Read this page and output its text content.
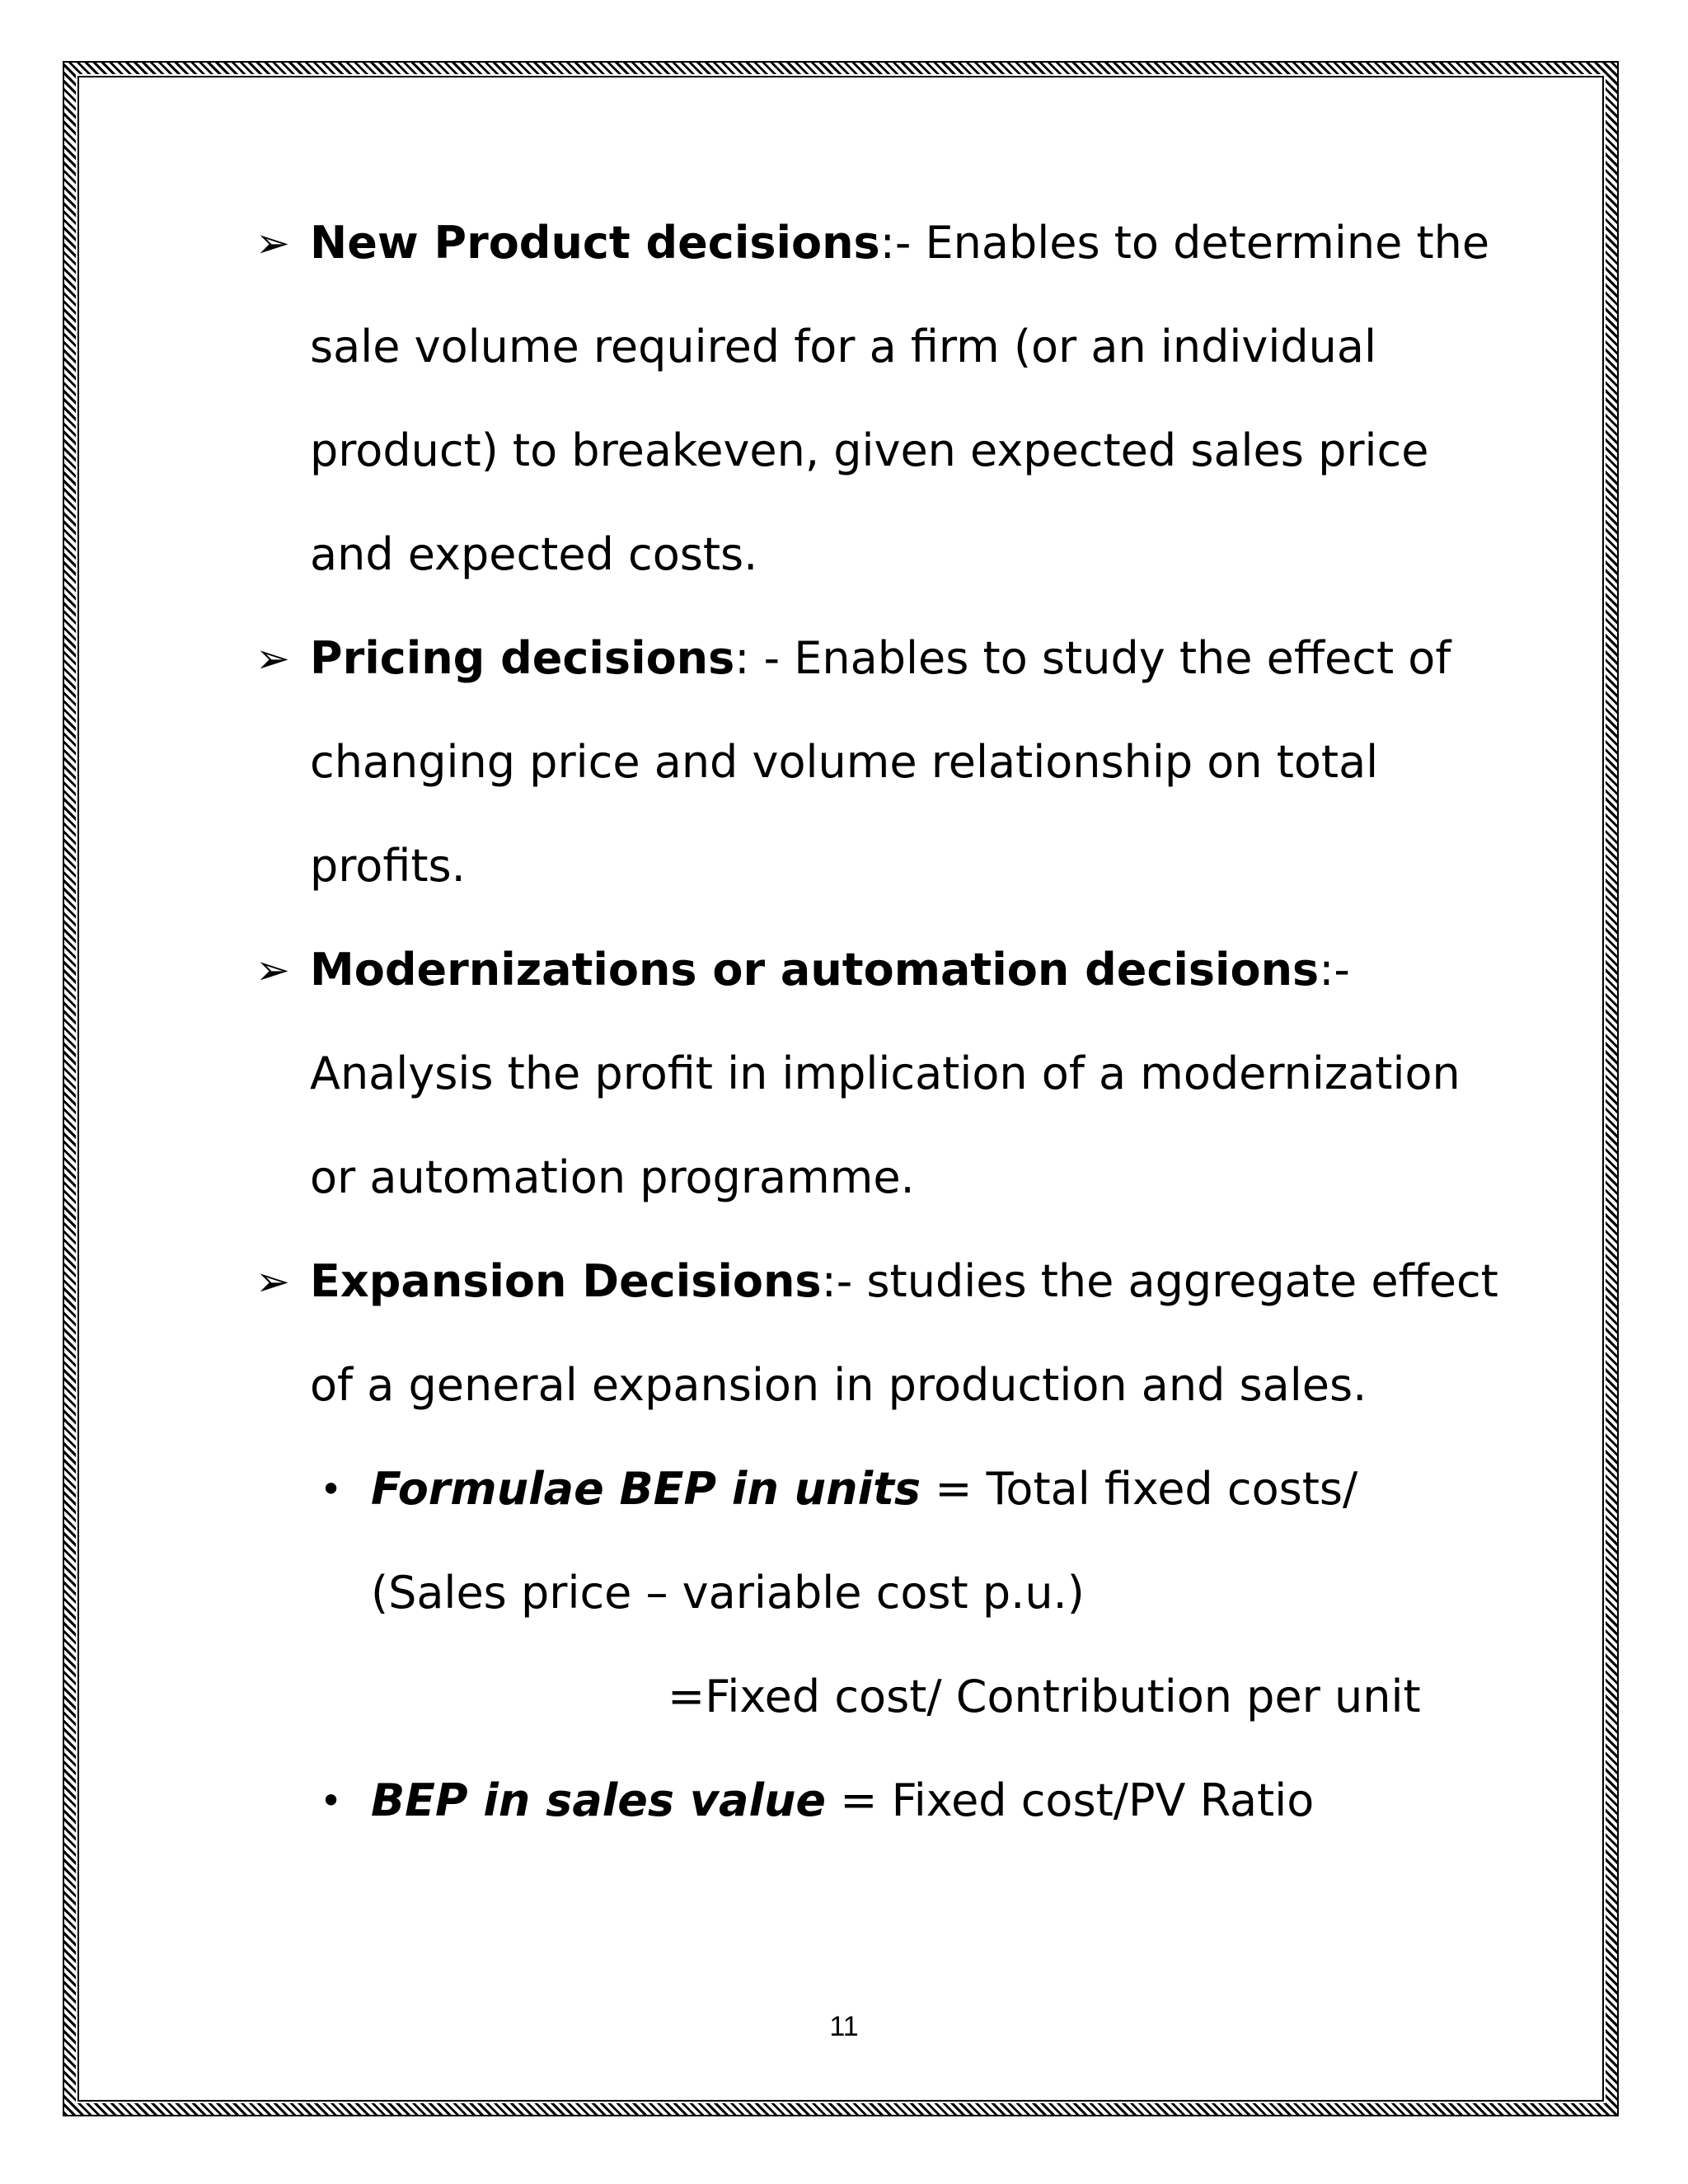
➢ New Product decisions:- Enables to determine the sale volume required for a firm (or an individual product) to breakeven, given expected sales price and expected costs.
➢ Pricing decisions: - Enables to study the effect of changing price and volume relationship on total profits.
➢ Modernizations or automation decisions:- Analysis the profit in implication of a modernization or automation programme.
➢ Expansion Decisions:- studies the aggregate effect of a general expansion in production and sales.
• Formulae BEP in units = Total fixed costs/
(Sales price – variable cost p.u.)
=Fixed cost/ Contribution per unit
• BEP in sales value = Fixed cost/PV Ratio
11
